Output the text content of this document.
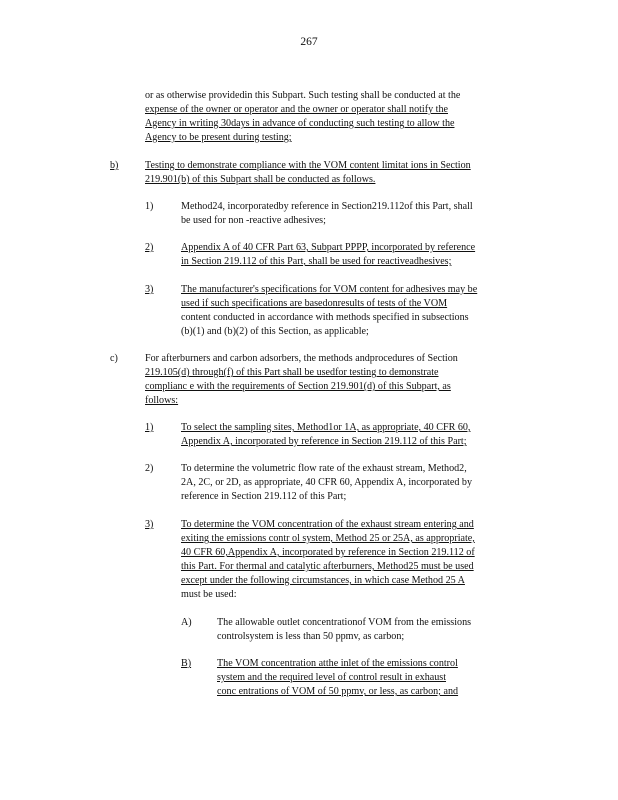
267
or as otherwise providedin this Subpart. Such testing shall be conducted at the
expense of the owner or operator and the owner or operator shall notify the
Agency in writing 30days in advance of conducting such testing to allow the
Agency to be present during testing;
b)	Testing to demonstrate compliance with the VOM content limitat ions in Section
219.901(b) of this Subpart shall be conducted as follows.
1)	Method24, incorporatedby reference in Section219.112of this Part, shall
be used for non -reactive adhesives;
2)	Appendix A of 40 CFR Part 63, Subpart PPPP, incorporated by reference
in Section 219.112 of this Part, shall be used for reactiveadhesives;
3)	The manufacturer's specifications for VOM content for adhesives may be
used if such specifications are basedonresults of tests of the VOM
content conducted in accordance with methods specified in subsections
(b)(1) and (b)(2) of this Section, as applicable;
c)	For afterburners and carbon adsorbers, the methods andprocedures of Section
219.105(d) through(f) of this Part shall be usedfor testing to demonstrate
complianc e with the requirements of Section 219.901(d) of this Subpart, as
follows:
1)	To select the sampling sites, Method1or 1A, as appropriate, 40 CFR 60,
Appendix A, incorporated by reference in Section 219.112 of this Part;
2)	To determine the volumetric flow rate of the exhaust stream, Method2,
2A, 2C, or 2D, as appropriate, 40 CFR 60, Appendix A, incorporated by
reference in Section 219.112 of this Part;
3)	To determine the VOM concentration of the exhaust stream entering and
exiting the emissions contr ol system, Method 25 or 25A, as appropriate,
40 CFR 60,Appendix A, incorporated by reference in Section 219.112 of
this Part. For thermal and catalytic afterburners, Method25 must be used
except under the following circumstances, in which case Method 25 A
must be used:
A)	The allowable outlet concentrationof VOM from the emissions
controlsystem is less than 50 ppmv, as carbon;
B)	The VOM concentration atthe inlet of the emissions control
system and the required level of control result in exhaust
conc entrations of VOM of 50 ppmv, or less, as carbon; and
